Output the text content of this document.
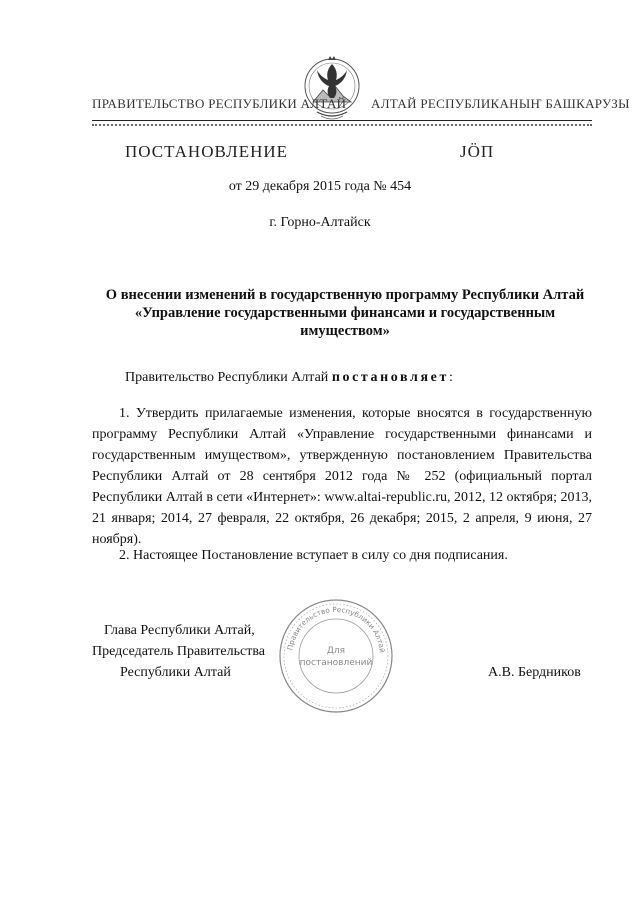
ПРАВИТЕЛЬСТВО РЕСПУБЛИКИ АЛТАЙ АЛТАЙ РЕСПУБЛИКАНЫҤ БАШКАРУЗЫ
ПОСТАНОВЛЕНИЕ	ЈӦП
от 29 декабря 2015 года № 454
г. Горно-Алтайск
О внесении изменений в государственную программу Республики Алтай «Управление государственными финансами и государственным имуществом»
Правительство Республики Алтай постановляет:
1. Утвердить прилагаемые изменения, которые вносятся в государственную программу Республики Алтай «Управление государственными финансами и государственным имуществом», утвержденную постановлением Правительства Республики Алтай от 28 сентября 2012 года № 252 (официальный портал Республики Алтай в сети «Интернет»: www.altai-republic.ru, 2012, 12 октября; 2013, 21 января; 2014, 27 февраля, 22 октября, 26 декабря; 2015, 2 апреля, 9 июня, 27 ноября).
2. Настоящее Постановление вступает в силу со дня подписания.
Глава Республики Алтай,
Председатель Правительства
Республики Алтай	А.В. Бердников
Правительство Республики Алтай
Для
постановлений
